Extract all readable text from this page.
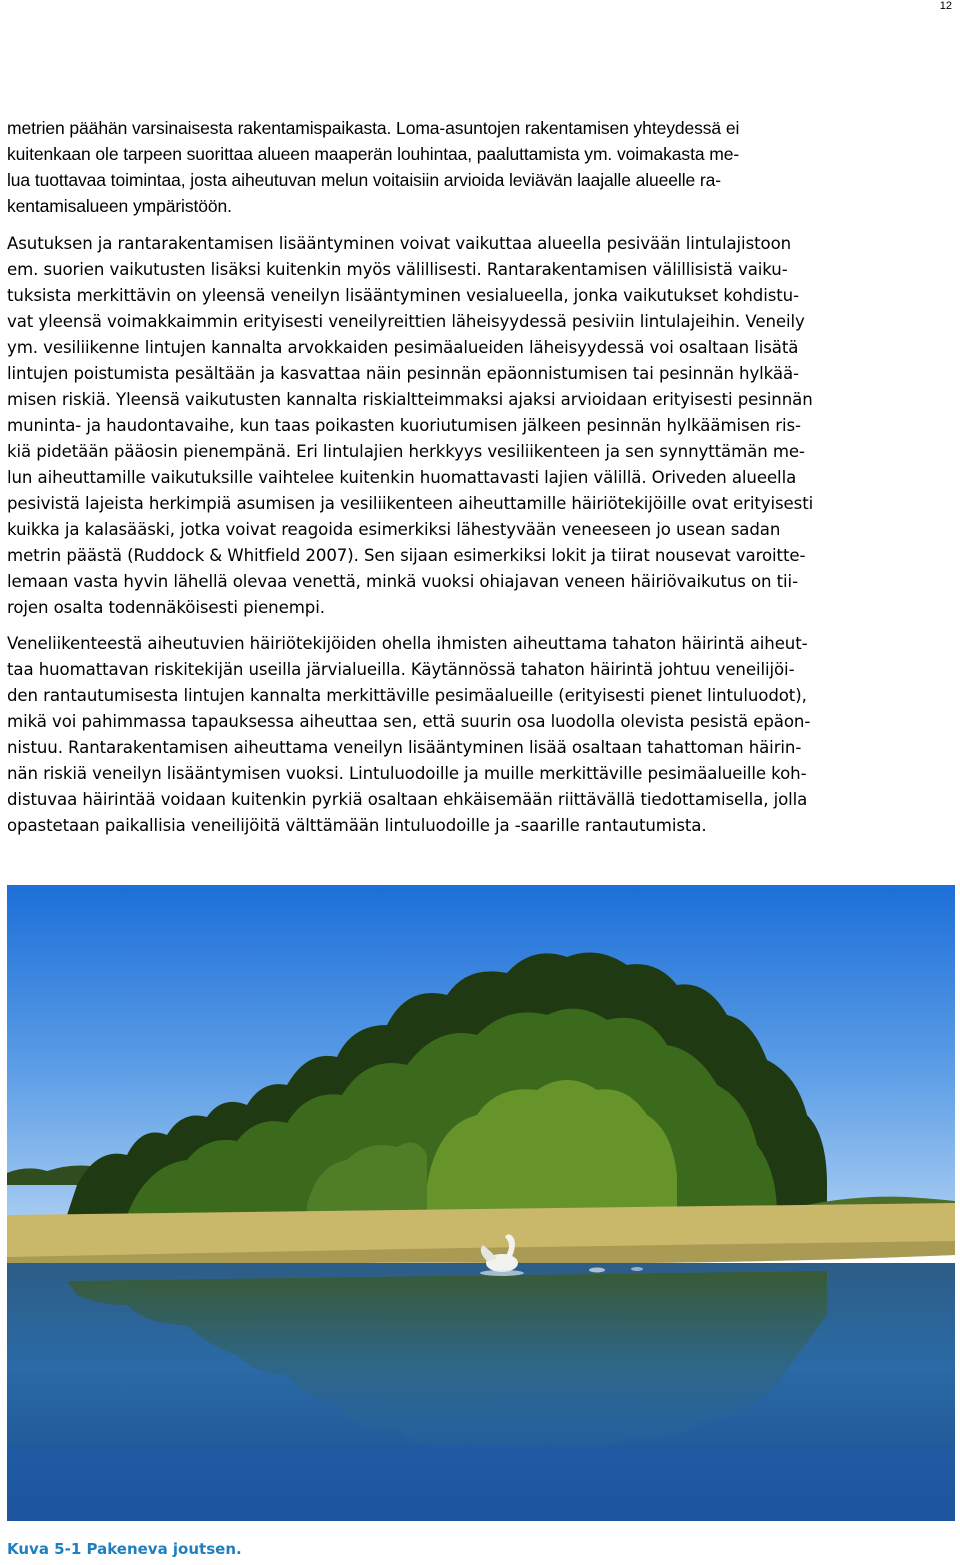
12

metrien päähän varsinaisesta rakentamispaikasta. Loma-asuntojen rakentamisen yhteydessä ei
kuitenkaan ole tarpeen suorittaa alueen maaperän louhintaa, paaluttamista ym. voimakasta me-
lua tuottavaa toimintaa, josta aiheutuvan melun voitaisiin arvioida leviävän laajalle alueelle ra-
kentamisalueen ympäristöön.

Asutuksen ja rantarakentamisen lisääntyminen voivat vaikuttaa alueella pesivään lintulajistoon
em. suorien vaikutusten lisäksi kuitenkin myös välillisesti. Rantarakentamisen välillisistä vaiku-
tuksista merkittävin on yleensä veneilyn lisääntyminen vesialueella, jonka vaikutukset kohdistu-
vat yleensä voimakkaimmin erityisesti veneilyreittien läheisyydessä pesiviin lintulajeihin. Veneily
ym. vesiliikenne lintujen kannalta arvokkaiden pesimäalueiden läheisyydessä voi osaltaan lisätä
lintujen poistumista pesältään ja kasvattaa näin pesinnän epäonnistumisen tai pesinnän hylkää-
misen riskiä. Yleensä vaikutusten kannalta riskialtteimmaksi ajaksi arvioidaan erityisesti pesinnän
muninta- ja haudontavaihe, kun taas poikasten kuoriutumisen jälkeen pesinnän hylkäämisen ris-
kiä pidetään pääosin pienempänä. Eri lintulajien herkkyys vesiliikenteen ja sen synnyttämän me-
lun aiheuttamille vaikutuksille vaihtelee kuitenkin huomattavasti lajien välillä. Oriveden alueella
pesivistä lajeista herkimpiä asumisen ja vesiliikenteen aiheuttamille häiriötekijöille ovat erityisesti
kuikka ja kalasääski, jotka voivat reagoida esimerkiksi lähestyvään veneeseen jo usean sadan
metrin päästä (Ruddock & Whitfield 2007). Sen sijaan esimerkiksi lokit ja tiirat nousevat varoitte-
lemaan vasta hyvin lähellä olevaa venettä, minkä vuoksi ohiajavan veneen häiriövaikutus on tii-
rojen osalta todennäköisesti pienempi.

Veneliikenteestä aiheutuvien häiriötekijöiden ohella ihmisten aiheuttama tahaton häirintä aiheut-
taa huomattavan riskitekijän useilla järvialueilla. Käytännössä tahaton häirintä johtuu veneilijöi-
den rantautumisesta lintujen kannalta merkittäville pesimäalueille (erityisesti pienet lintuluodot),
mikä voi pahimmassa tapauksessa aiheuttaa sen, että suurin osa luodolla olevista pesistä epäon-
nistuu. Rantarakentamisen aiheuttama veneilyn lisääntyminen lisää osaltaan tahattoman häirin-
nän riskiä veneilyn lisääntymisen vuoksi. Lintuluodoille ja muille merkittäville pesimäalueille koh-
distuvaa häirintää voidaan kuitenkin pyrkiä osaltaan ehkäisemään riittävällä tiedottamisella, jolla
opastetaan paikallisia veneilijöitä välttämään lintuluodoille ja -saarille rantautumista.

Kuva 5-1 Pakeneva joutsen.
